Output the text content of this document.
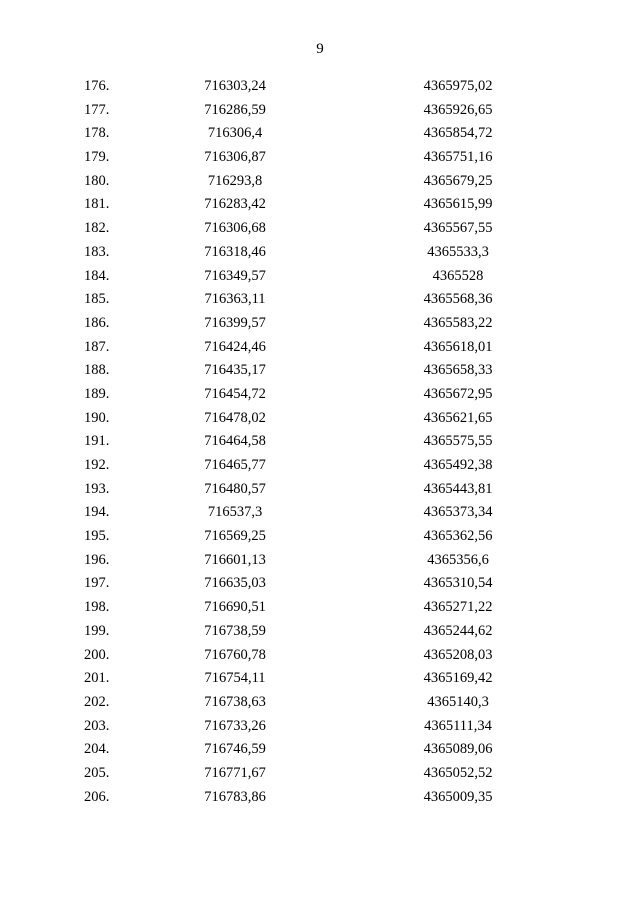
9
176.	716303,24	4365975,02
177.	716286,59	4365926,65
178.	716306,4	4365854,72
179.	716306,87	4365751,16
180.	716293,8	4365679,25
181.	716283,42	4365615,99
182.	716306,68	4365567,55
183.	716318,46	4365533,3
184.	716349,57	4365528
185.	716363,11	4365568,36
186.	716399,57	4365583,22
187.	716424,46	4365618,01
188.	716435,17	4365658,33
189.	716454,72	4365672,95
190.	716478,02	4365621,65
191.	716464,58	4365575,55
192.	716465,77	4365492,38
193.	716480,57	4365443,81
194.	716537,3	4365373,34
195.	716569,25	4365362,56
196.	716601,13	4365356,6
197.	716635,03	4365310,54
198.	716690,51	4365271,22
199.	716738,59	4365244,62
200.	716760,78	4365208,03
201.	716754,11	4365169,42
202.	716738,63	4365140,3
203.	716733,26	4365111,34
204.	716746,59	4365089,06
205.	716771,67	4365052,52
206.	716783,86	4365009,35
